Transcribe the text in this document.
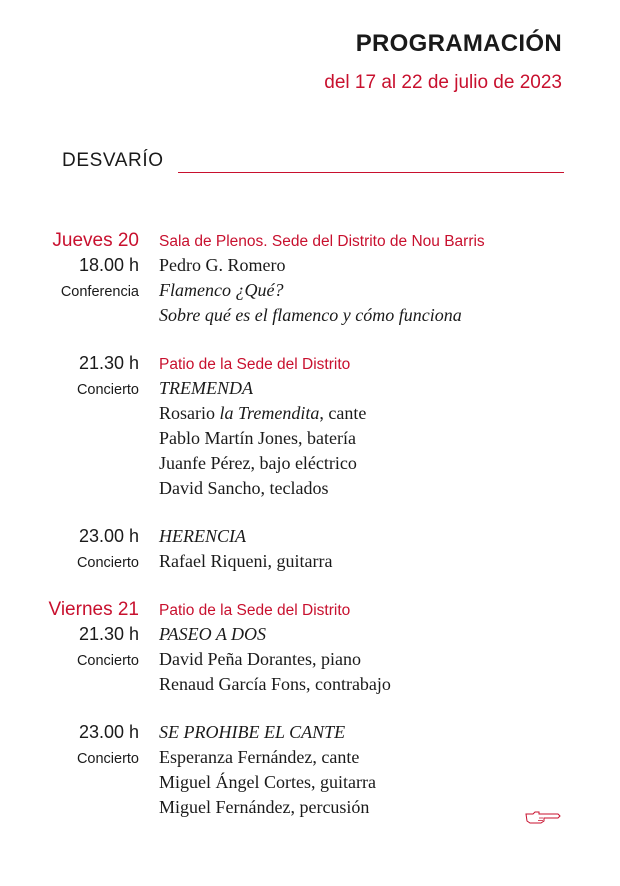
PROGRAMACIÓN
del 17 al 22 de julio de 2023
DESVARÍO
Jueves 20	Sala de Plenos. Sede del Distrito de Nou Barris
18.00 h	Pedro G. Romero
Conferencia	Flamenco ¿Qué?
Sobre qué es el flamenco y cómo funciona
21.30 h	Patio de la Sede del Distrito
Concierto	TREMENDA
Rosario la Tremendita, cante
Pablo Martín Jones, batería
Juanfe Pérez, bajo eléctrico
David Sancho, teclados
23.00 h	HERENCIA
Concierto	Rafael Riqueni, guitarra
Viernes 21	Patio de la Sede del Distrito
21.30 h	PASEO A DOS
Concierto	David Peña Dorantes, piano
Renaud García Fons, contrabajo
23.00 h	SE PROHIBE EL CANTE
Concierto	Esperanza Fernández, cante
Miguel Ángel Cortes, guitarra
Miguel Fernández, percusión
